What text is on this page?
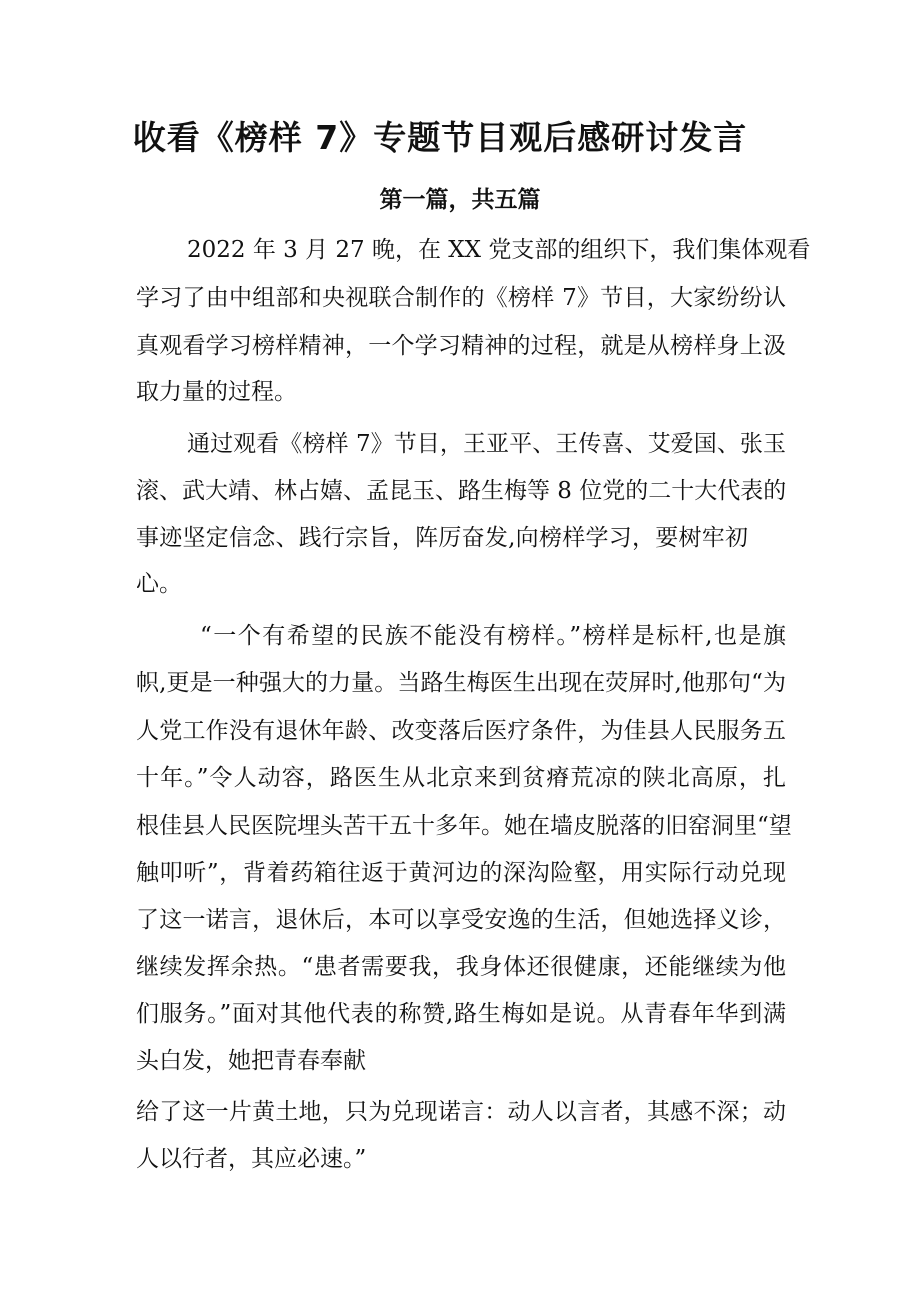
收看《榜样 7》专题节目观后感研讨发言
第一篇，共五篇

2022 年 3 月 27 晚，在 XX 党支部的组织下，我们集体观看

学习了由中组部和央视联合制作的《榜样 7》节目，大家纷纷认

真观看学习榜样精神，一个学习精神的过程，就是从榜样身上汲

取力量的过程。

通过观看《榜样 7》节目，王亚平、王传喜、艾爱国、张玉

滚、武大靖、林占嬉、孟昆玉、路生梅等 8 位党的二十大代表的

事迹坚定信念、践行宗旨，阵厉奋发,向榜样学习，要树牢初

心。

“一个有希望的民族不能没有榜样。”榜样是标杆,也是旗

帜,更是一种强大的力量。当路生梅医生出现在荧屏时,他那句“为

人党工作没有退休年龄、改变落后医疗条件，为佳县人民服务五

十年。”令人动容，路医生从北京来到贫瘠荒凉的陕北高原，扎

根佳县人民医院埋头苦干五十多年。她在墙皮脱落的旧窑洞里“望

触叩听”，背着药箱往返于黄河边的深沟险壑，用实际行动兑现

了这一诺言，退休后，本可以享受安逸的生活，但她选择义诊，

继续发挥余热。“患者需要我，我身体还很健康，还能继续为他

们服务。”面对其他代表的称赞,路生梅如是说。从青春年华到满

头白发，她把青春奉献

给了这一片黄土地，只为兑现诺言：动人以言者，其感不深；动

人以行者，其应必速。”
